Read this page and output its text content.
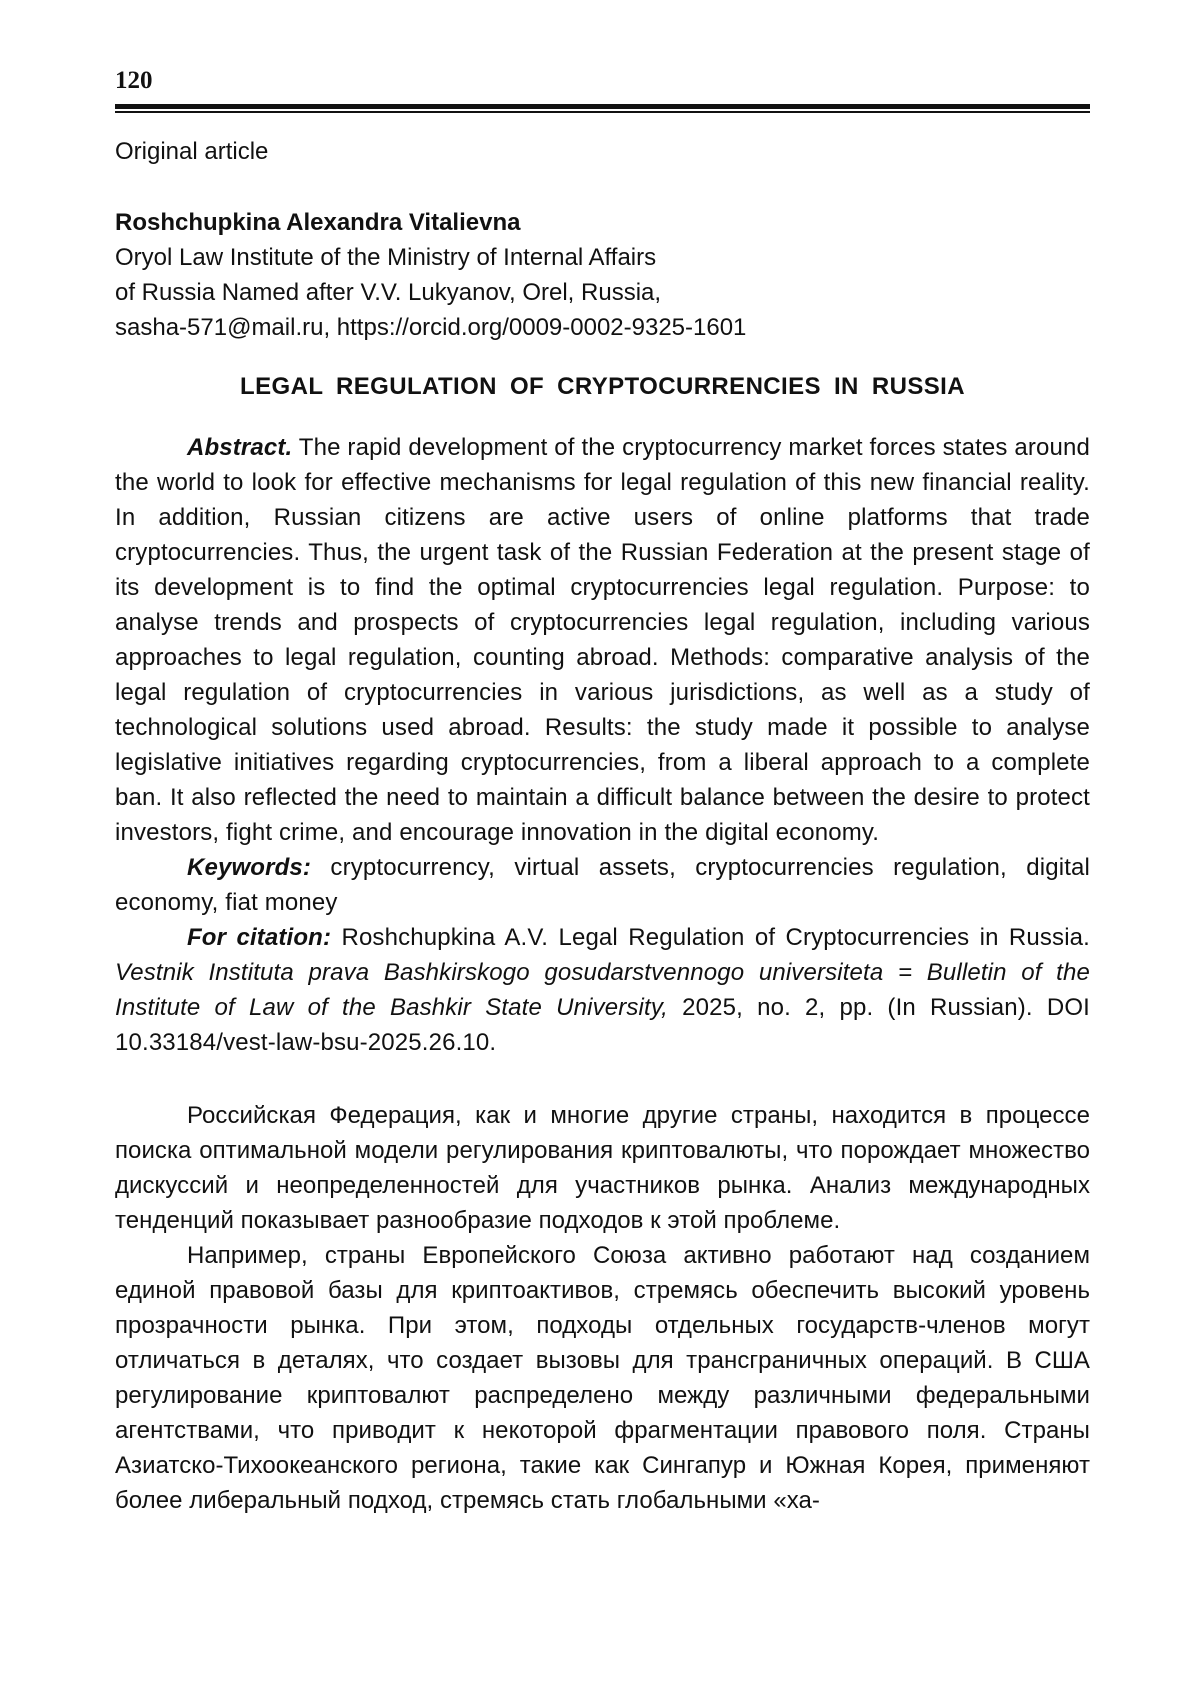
120
Original article
Roshchupkina Alexandra Vitalievna
Oryol Law Institute of the Ministry of Internal Affairs
of Russia Named after V.V. Lukyanov, Orel, Russia,
sasha-571@mail.ru, https://orcid.org/0009-0002-9325-1601
LEGAL REGULATION OF CRYPTOCURRENCIES IN RUSSIA

Abstract. The rapid development of the cryptocurrency market forces states around the world to look for effective mechanisms for legal regulation of this new financial reality. In addition, Russian citizens are active users of online platforms that trade cryptocurrencies. Thus, the urgent task of the Russian Federation at the present stage of its development is to find the optimal cryptocurrencies legal regulation. Purpose: to analyse trends and prospects of cryptocurrencies legal regulation, including various approaches to legal regulation, counting abroad. Methods: comparative analysis of the legal regulation of cryptocurrencies in various jurisdictions, as well as a study of technological solutions used abroad. Results: the study made it possible to analyse legislative initiatives regarding cryptocurrencies, from a liberal approach to a complete ban. It also reflected the need to maintain a difficult balance between the desire to protect investors, fight crime, and encourage innovation in the digital economy.

Keywords: cryptocurrency, virtual assets, cryptocurrencies regulation, digital economy, fiat money

For citation: Roshchupkina A.V. Legal Regulation of Cryptocurrencies in Russia. Vestnik Instituta prava Bashkirskogo gosudarstvennogo universiteta = Bulletin of the Institute of Law of the Bashkir State University, 2025, no. 2, pp. (In Russian). DOI 10.33184/vest-law-bsu-2025.26.10.

Российская Федерация, как и многие другие страны, находится в процессе поиска оптимальной модели регулирования криптовалюты, что порождает множество дискуссий и неопределенностей для участников рынка. Анализ международных тенденций показывает разнообразие подходов к этой проблеме.

Например, страны Европейского Союза активно работают над созданием единой правовой базы для криптоактивов, стремясь обеспечить высокий уровень прозрачности рынка. При этом, подходы отдельных государств-членов могут отличаться в деталях, что создает вызовы для трансграничных операций. В США регулирование криптовалют распределено между различными федеральными агентствами, что приводит к некоторой фрагментации правового поля. Страны Азиатско-Тихоокеанского региона, такие как Сингапур и Южная Корея, применяют более либеральный подход, стремясь стать глобальными «ха-
